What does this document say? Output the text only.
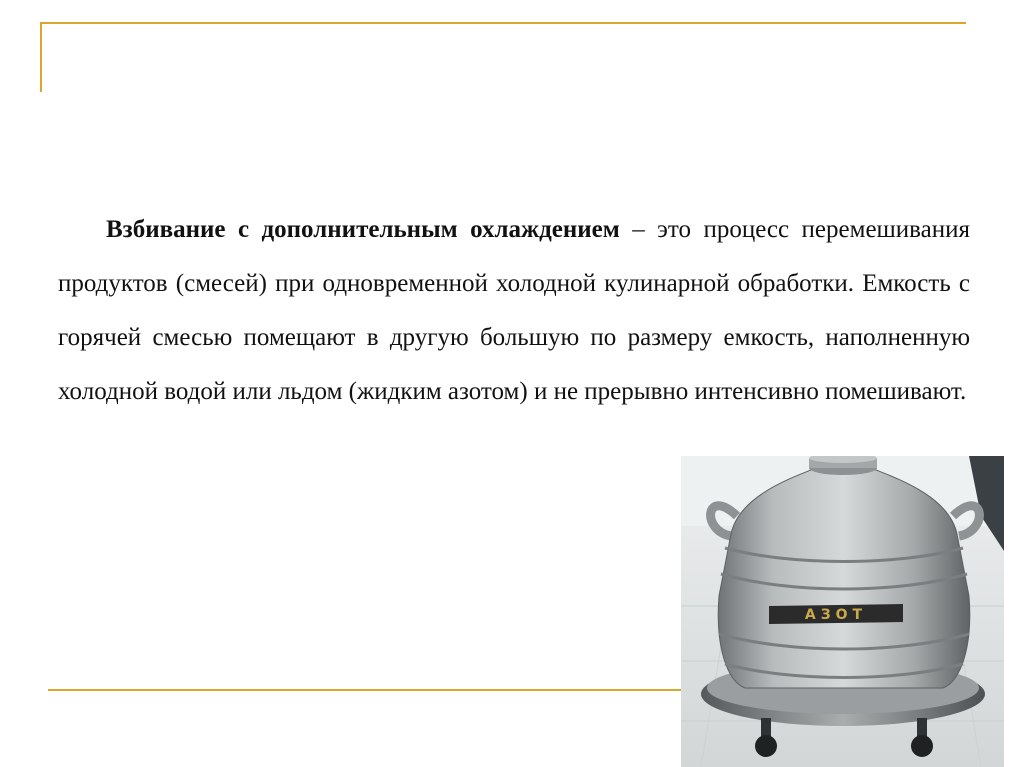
Взбивание с дополнительным охлаждением – это процесс перемешивания продуктов (смесей) при одновременной холодной кулинарной обработки. Емкость с горячей смесью помещают в другую большую по размеру емкость, наполненную холодной водой или льдом (жидким азотом) и не прерывно интенсивно помешивают.

АЗОТ
